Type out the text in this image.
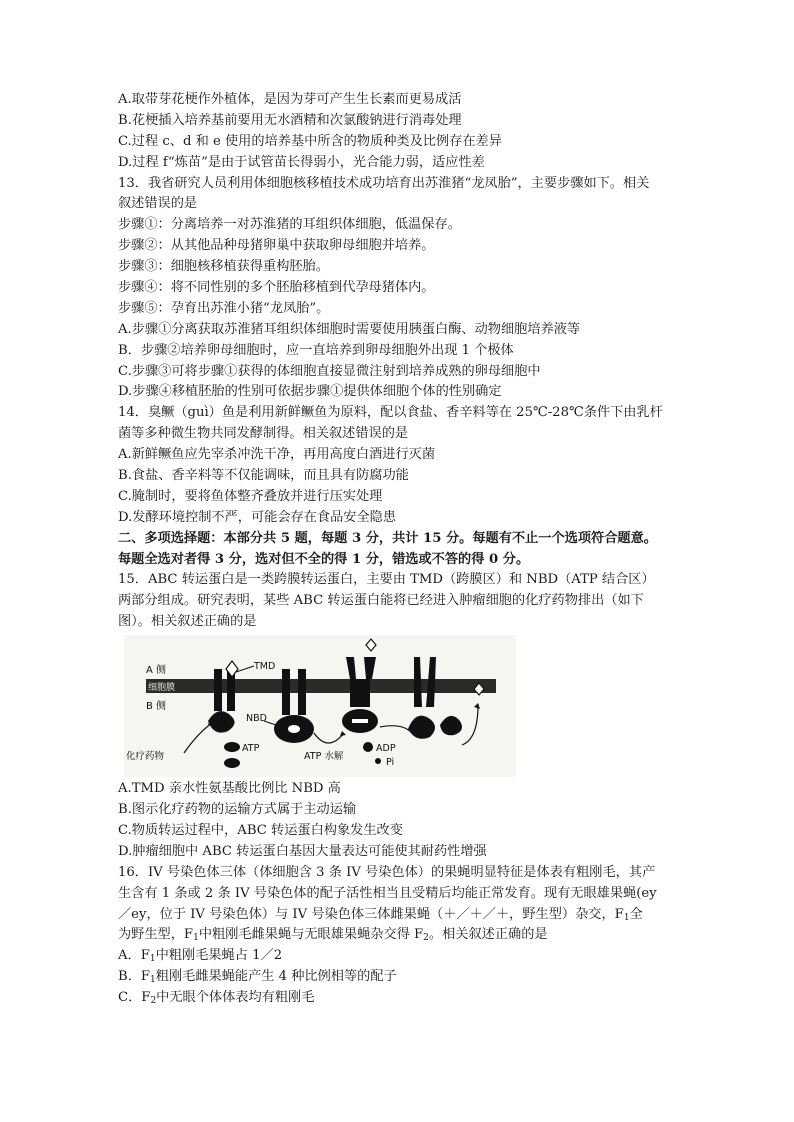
A.取带芽花梗作外植体，是因为芽可产生生长素而更易成活
B.花梗插入培养基前要用无水酒精和次氯酸钠进行消毒处理
C.过程 c、d 和 e 使用的培养基中所含的物质种类及比例存在差异
D.过程 f“炼苗”是由于试管苗长得弱小，光合能力弱，适应性差
13．我省研究人员利用体细胞核移植技术成功培育出苏淮猪“龙凤胎”，主要步骤如下。相关
叙述错误的是
步骤①：分离培养一对苏淮猪的耳组织体细胞，低温保存。
步骤②：从其他品种母猪卵巢中获取卵母细胞并培养。
步骤③：细胞核移植获得重构胚胎。
步骤④：将不同性别的多个胚胎移植到代孕母猪体内。
步骤⑤：孕育出苏淮小猪“龙凤胎”。
A.步骤①分离获取苏淮猪耳组织体细胞时需要使用胰蛋白酶、动物细胞培养液等
B．步骤②培养卵母细胞时，应一直培养到卵母细胞外出现 1 个极体
C.步骤③可将步骤①获得的体细胞直接显微注射到培养成熟的卵母细胞中
D.步骤④移植胚胎的性别可依据步骤①提供体细胞个体的性别确定
14．臭鳜（guì）鱼是利用新鲜鳜鱼为原料，配以食盐、香辛料等在 25℃-28℃条件下由乳杆
菌等多种微生物共同发酵制得。相关叙述错误的是
A.新鲜鳜鱼应先宰杀冲洗干净，再用高度白酒进行灭菌
B.食盐、香辛料等不仅能调味，而且具有防腐功能
C.腌制时，要将鱼体整齐叠放并进行压实处理
D.发酵环境控制不严，可能会存在食品安全隐患
二、多项选择题：本部分共 5 题，每题 3 分，共计 15 分。每题有不止一个选项符合题意。
每题全选对者得 3 分，选对但不全的得 1 分，错选或不答的得 0 分。
15．ABC 转运蛋白是一类跨膜转运蛋白，主要由 TMD（跨膜区）和 NBD（ATP 结合区）
两部分组成。研究表明，某些 ABC 转运蛋白能将已经进入肿瘤细胞的化疗药物排出（如下
图）。相关叙述正确的是
细胞膜
A 侧
B 侧
TMD
NBD
化疗药物
ATP
ATP 水解
ADP
Pi
A.TMD 亲水性氨基酸比例比 NBD 高
B.图示化疗药物的运输方式属于主动运输
C.物质转运过程中，ABC 转运蛋白构象发生改变
D.肿瘤细胞中 ABC 转运蛋白基因大量表达可能使其耐药性增强
16．IV 号染色体三体（体细胞含 3 条 IV 号染色体）的果蝇明显特征是体表有粗刚毛，其产
生含有 1 条或 2 条 IV 号染色体的配子活性相当且受精后均能正常发育。现有无眼雄果蝇(ey
／ey，位于 IV 号染色体）与 IV 号染色体三体雌果蝇（＋／＋／＋，野生型）杂交，$F_1$全
为野生型，$F_1$中粗刚毛雌果蝇与无眼雄果蝇杂交得 $F_2$。相关叙述正确的是
A．$F_1$中粗刚毛果蝇占 1／2
B．$F_1$粗刚毛雌果蝇能产生 4 种比例相等的配子
C．$F_2$中无眼个体体表均有粗刚毛
